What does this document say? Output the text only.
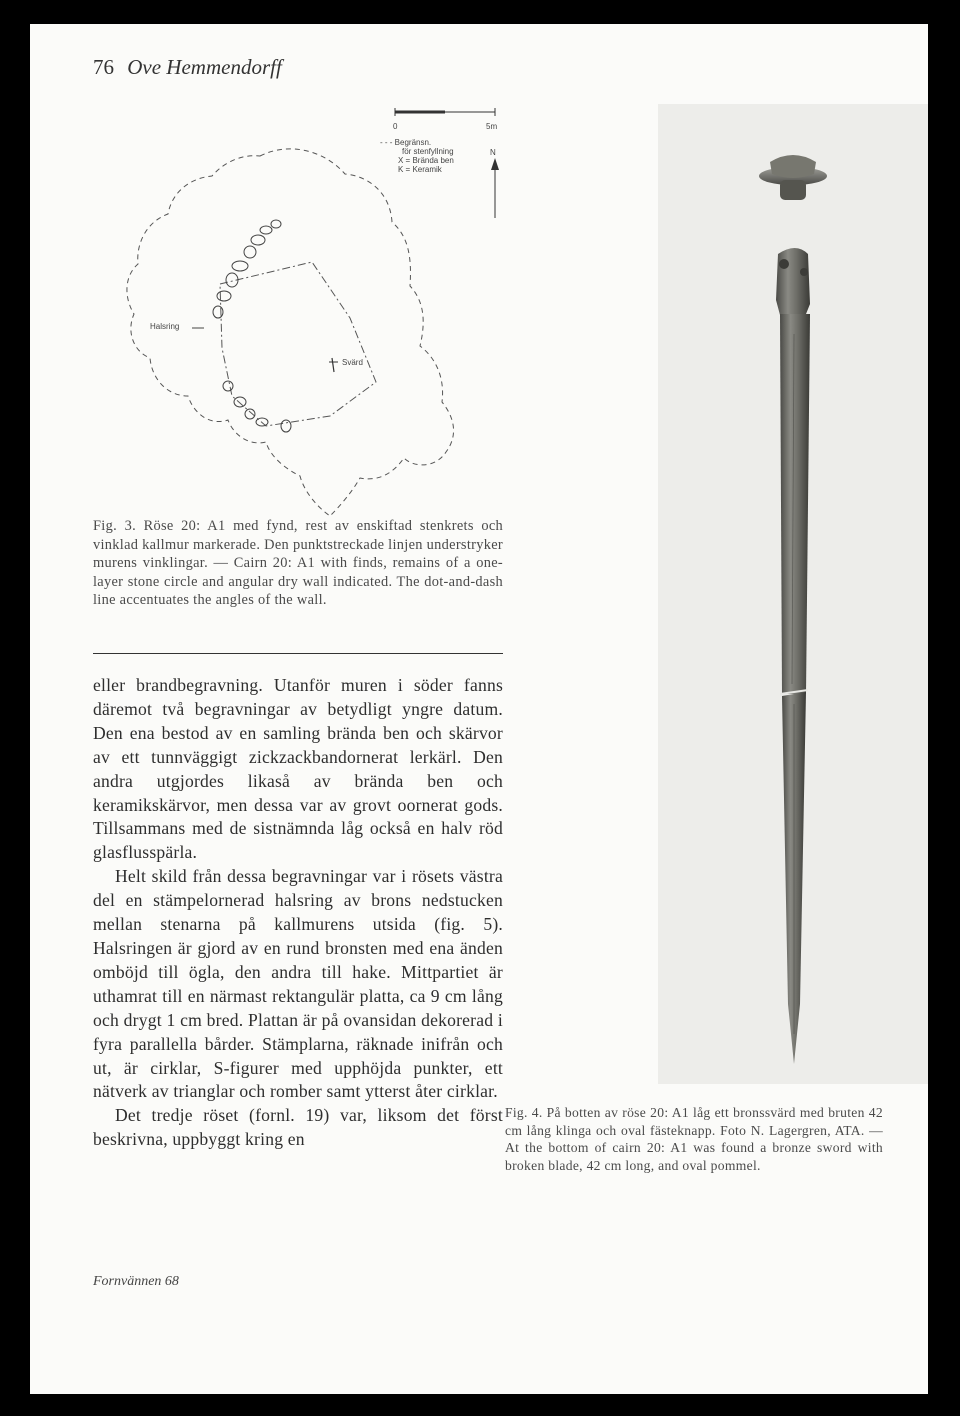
76 Ove Hemmendorff
0	5m
- - - Begränsn.
för stenfyllning
X = Brända ben
K = Keramik
N
Halsring
Svärd

Fig. 3. Röse 20: A1 med fynd, rest av enskiftad stenkrets och vinklad kallmur markerade. Den punktstreckade linjen understryker murens vinklingar. — Cairn 20: A1 with finds, remains of a one-layer stone circle and angular dry wall indicated. The dot-and-dash line accentuates the angles of the wall.

eller brandbegravning. Utanför muren i söder fanns däremot två begravningar av betydligt yngre datum. Den ena bestod av en samling brända ben och skärvor av ett tunnväggigt zickzackbandornerat lerkärl. Den andra utgjordes likaså av brända ben och keramikskärvor, men dessa var av grovt oornerat gods. Tillsammans med de sistnämnda låg också en halv röd glasflusspärla.

Helt skild från dessa begravningar var i rösets västra del en stämpelornerad halsring av brons nedstucken mellan stenarna på kallmurens utsida (fig. 5). Halsringen är gjord av en rund bronsten med ena änden omböjd till ögla, den andra till hake. Mittpartiet är uthamrat till en närmast rektangulär platta, ca 9 cm lång och drygt 1 cm bred. Plattan är på ovansidan dekorerad i fyra parallella bårder. Stämplarna, räknade inifrån och ut, är cirklar, S-figurer med upphöjda punkter, ett nätverk av trianglar och romber samt ytterst åter cirklar.

Det tredje röset (fornl. 19) var, liksom det först beskrivna, uppbyggt kring en

Fornvännen 68

Fig. 4. På botten av röse 20: A1 låg ett bronssvärd med bruten 42 cm lång klinga och oval fästeknapp. Foto N. Lagergren, ATA. — At the bottom of cairn 20: A1 was found a bronze sword with broken blade, 42 cm long, and oval pommel.
